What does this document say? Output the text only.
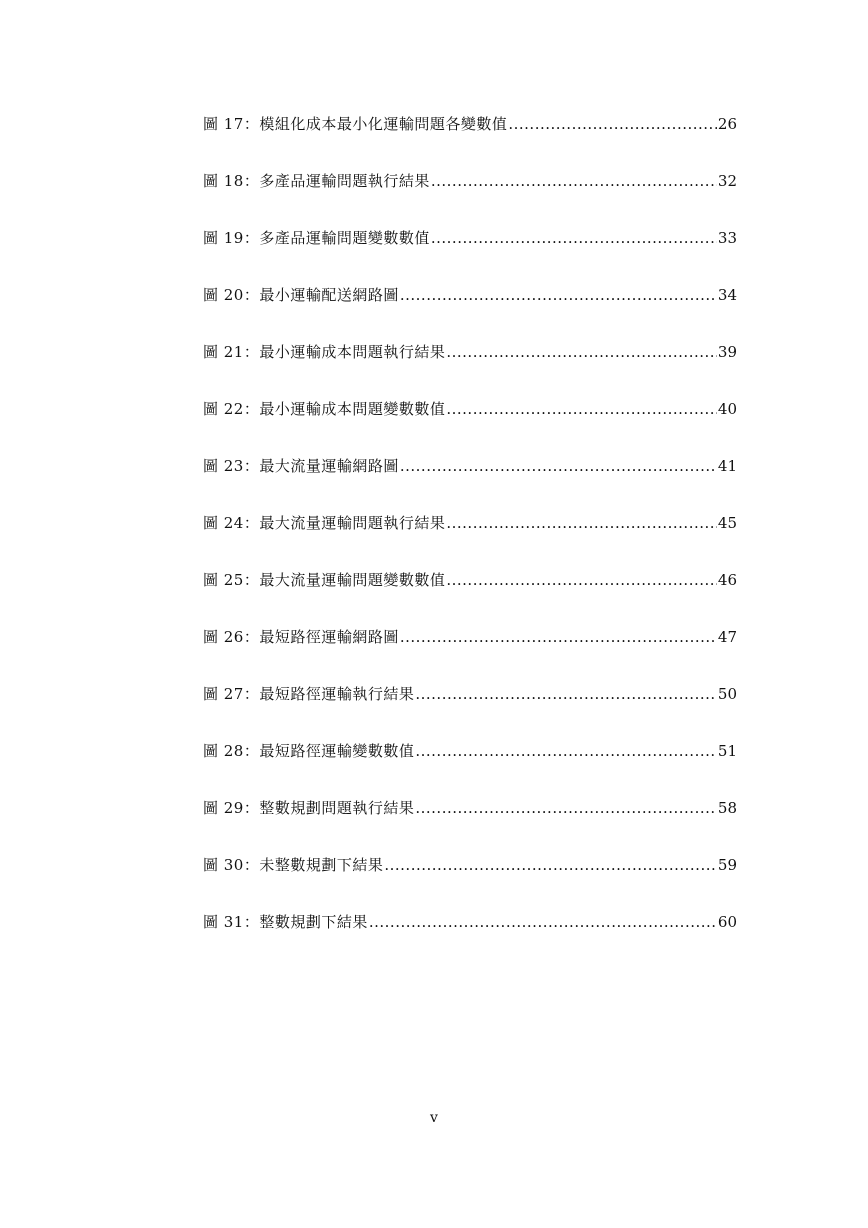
圖 17：模組化成本最小化運輸問題各變數值 .....	26
圖 18：多產品運輸問題執行結果 .....	32
圖 19：多產品運輸問題變數數值 .....	33
圖 20：最小運輸配送網路圖 .....	34
圖 21：最小運輸成本問題執行結果 .....	39
圖 22：最小運輸成本問題變數數值 .....	40
圖 23：最大流量運輸網路圖 .....	41
圖 24：最大流量運輸問題執行結果 .....	45
圖 25：最大流量運輸問題變數數值 .....	46
圖 26：最短路徑運輸網路圖 .....	47
圖 27：最短路徑運輸執行結果 .....	50
圖 28：最短路徑運輸變數數值 .....	51
圖 29：整數規劃問題執行結果 .....	58
圖 30：未整數規劃下結果 .....	59
圖 31：整數規劃下結果 .....	60
v
